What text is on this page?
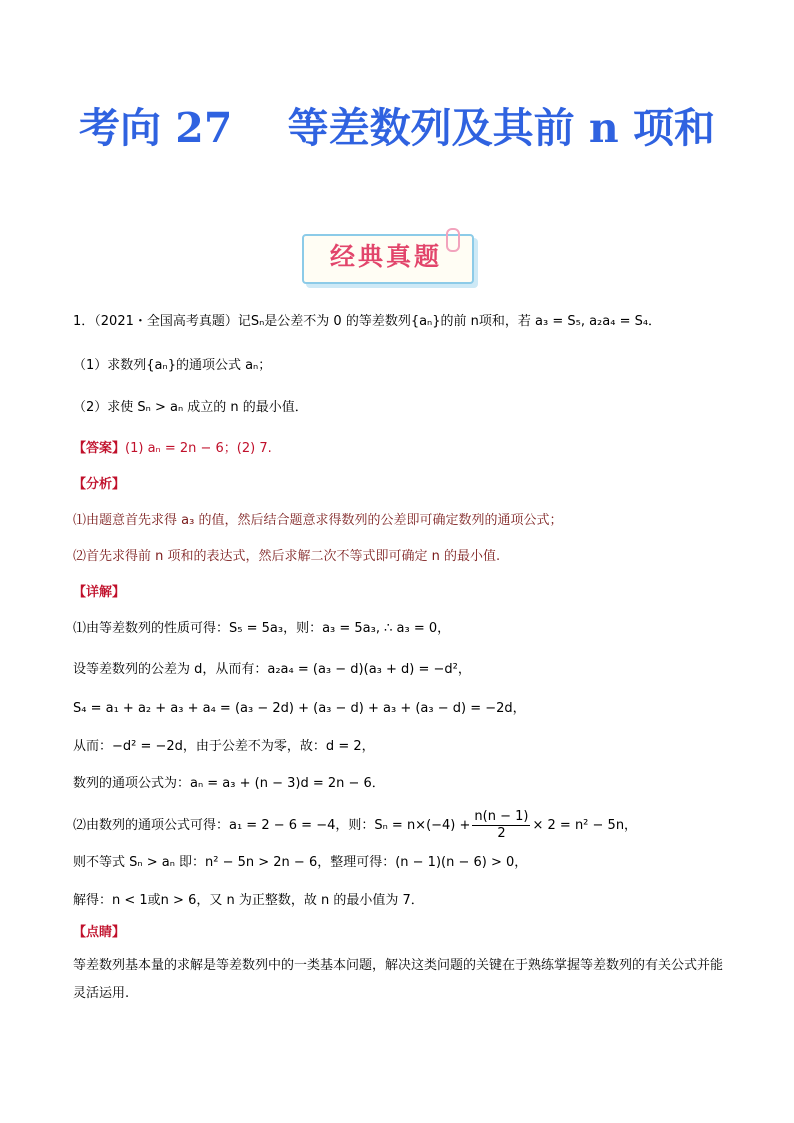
考向 27　 等差数列及其前 n 项和
经典真题
1．（2021・全国高考真题）记Sₙ是公差不为 0 的等差数列{aₙ}的前 n项和，若 a₃ = S₅, a₂a₄ = S₄．
（1）求数列{aₙ}的通项公式 aₙ；
（2）求使 Sₙ > aₙ 成立的 n 的最小值．
【答案】(1) aₙ = 2n − 6；(2) 7.
【分析】
⑴由题意首先求得 a₃ 的值，然后结合题意求得数列的公差即可确定数列的通项公式；
⑵首先求得前 n 项和的表达式，然后求解二次不等式即可确定 n 的最小值.
【详解】
⑴由等差数列的性质可得：S₅ = 5a₃，则：a₃ = 5a₃, ∴ a₃ = 0，
设等差数列的公差为 d，从而有：a₂a₄ = (a₃ − d)(a₃ + d) = −d²，
S₄ = a₁ + a₂ + a₃ + a₄ = (a₃ − 2d) + (a₃ − d) + a₃ + (a₃ − d) = −2d，
从而：−d² = −2d，由于公差不为零，故：d = 2，
数列的通项公式为：aₙ = a₃ + (n − 3)d = 2n − 6．
⑵由数列的通项公式可得：a₁ = 2 − 6 = −4，则：$S_n = n\times(-4) + \frac{n(n - 1)}{2} \times 2 = n^2 - 5n$，
则不等式 Sₙ > aₙ 即：n² − 5n > 2n − 6，整理可得：(n − 1)(n − 6) > 0，
解得：n < 1或n > 6，又 n 为正整数，故 n 的最小值为 7．
【点睛】
等差数列基本量的求解是等差数列中的一类基本问题，解决这类问题的关键在于熟练掌握等差数列的有关公式并能灵活运用.
